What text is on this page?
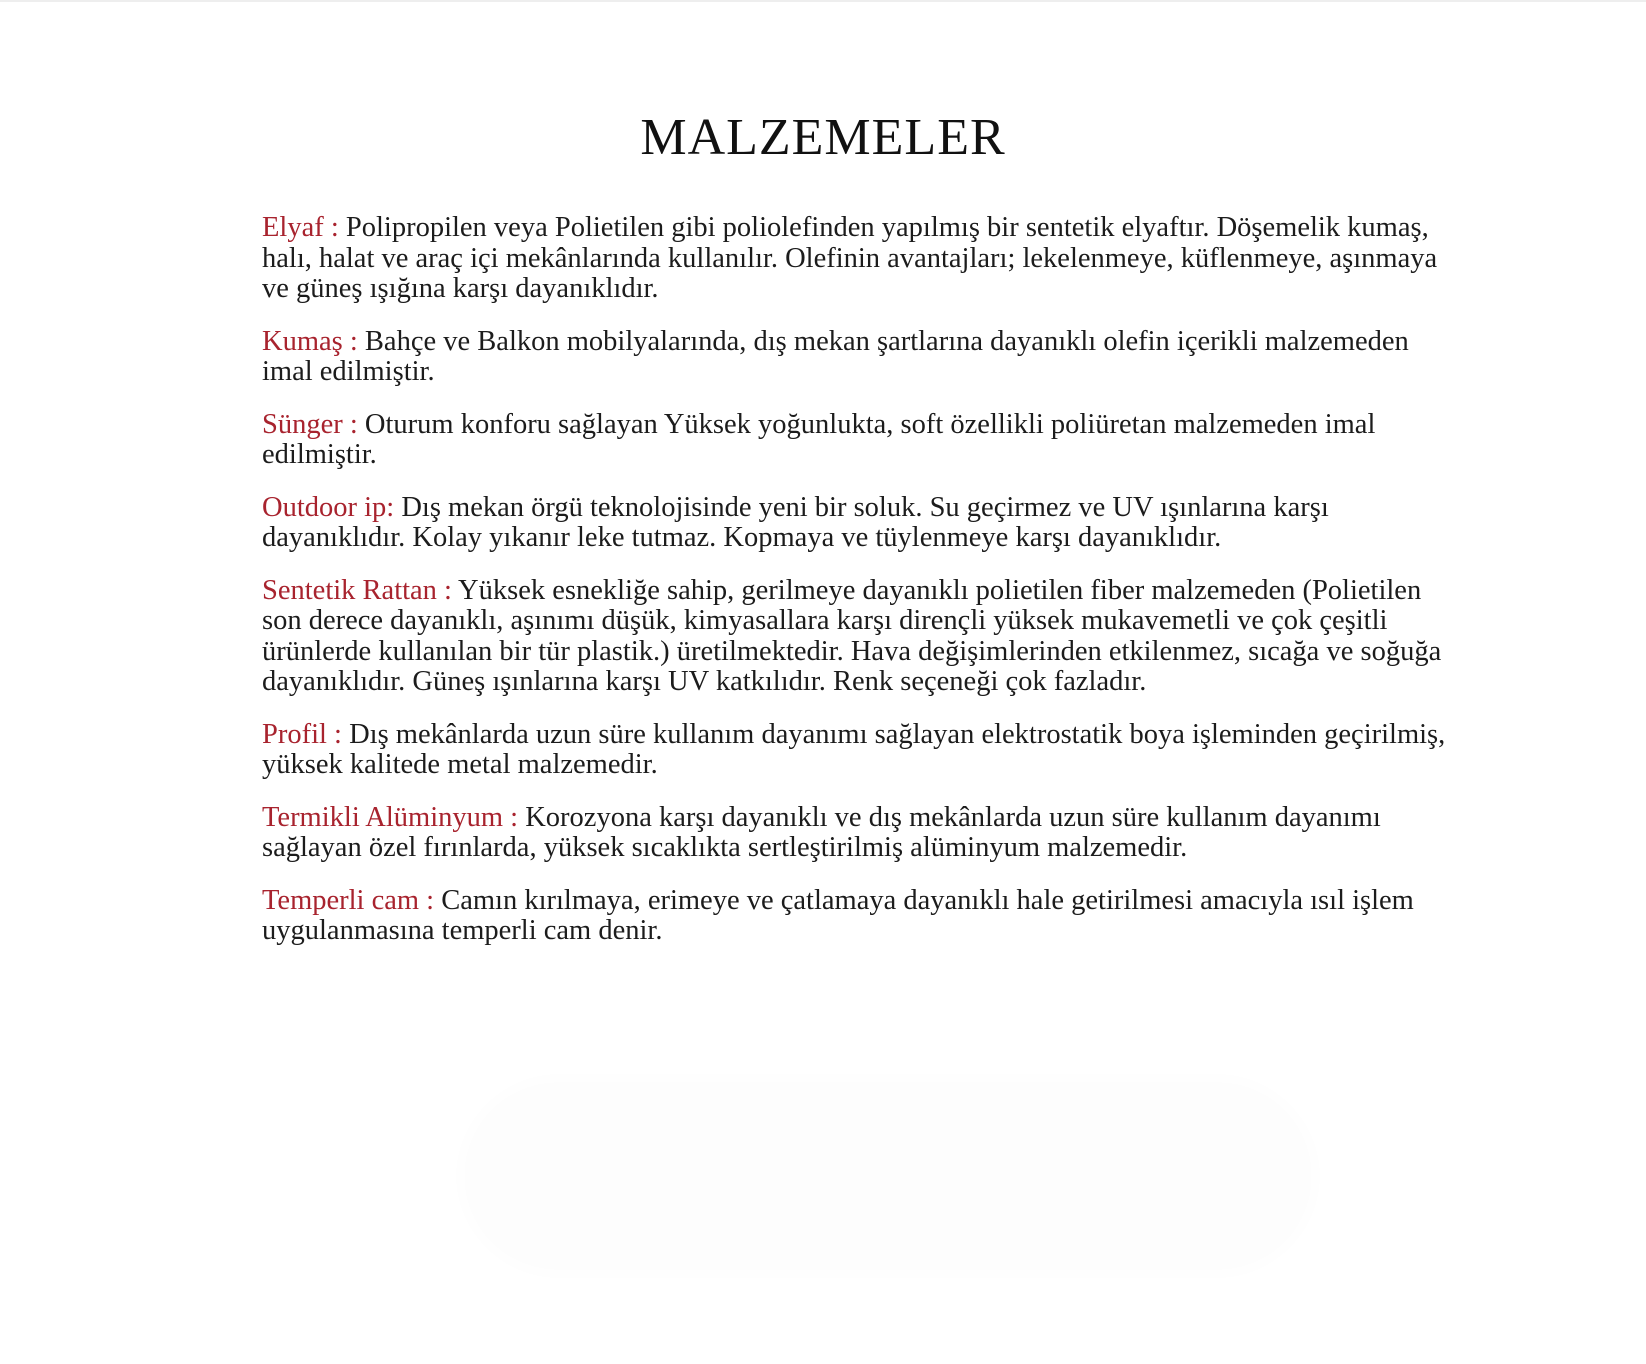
MALZEMELER

Elyaf : Polipropilen veya Polietilen gibi poliolefinden yapılmış bir sentetik elyaftır. Döşemelik kumaş, halı, halat ve araç içi mekânlarında kullanılır. Olefinin avantajları; lekelenmeye, küflenmeye, aşınmaya ve güneş ışığına karşı dayanıklıdır.

Kumaş : Bahçe ve Balkon mobilyalarında, dış mekan şartlarına dayanıklı olefin içerikli malzemeden imal edilmiştir.

Sünger : Oturum konforu sağlayan Yüksek yoğunlukta, soft özellikli poliüretan malzemeden imal edilmiştir.

Outdoor ip: Dış mekan örgü teknolojisinde yeni bir soluk. Su geçirmez ve UV ışınlarına karşı dayanıklıdır. Kolay yıkanır leke tutmaz. Kopmaya ve tüylenmeye karşı dayanıklıdır.

Sentetik Rattan : Yüksek esnekliğe sahip, gerilmeye dayanıklı polietilen fiber malzemeden (Polietilen son derece dayanıklı, aşınımı düşük, kimyasallara karşı dirençli yüksek mukavemetli ve çok çeşitli ürünlerde kullanılan bir tür plastik.) üretilmektedir. Hava değişimlerinden etkilenmez, sıcağa ve soğuğa dayanıklıdır. Güneş ışınlarına karşı UV katkılıdır. Renk seçeneği çok fazladır.

Profil : Dış mekânlarda uzun süre kullanım dayanımı sağlayan elektrostatik boya işleminden geçirilmiş, yüksek kalitede metal malzemedir.

Termikli Alüminyum : Korozyona karşı dayanıklı ve dış mekânlarda uzun süre kullanım dayanımı sağlayan özel fırınlarda, yüksek sıcaklıkta sertleştirilmiş alüminyum malzemedir.

Temperli cam : Camın kırılmaya, erimeye ve çatlamaya dayanıklı hale getirilmesi amacıyla ısıl işlem uygulanmasına temperli cam denir.
